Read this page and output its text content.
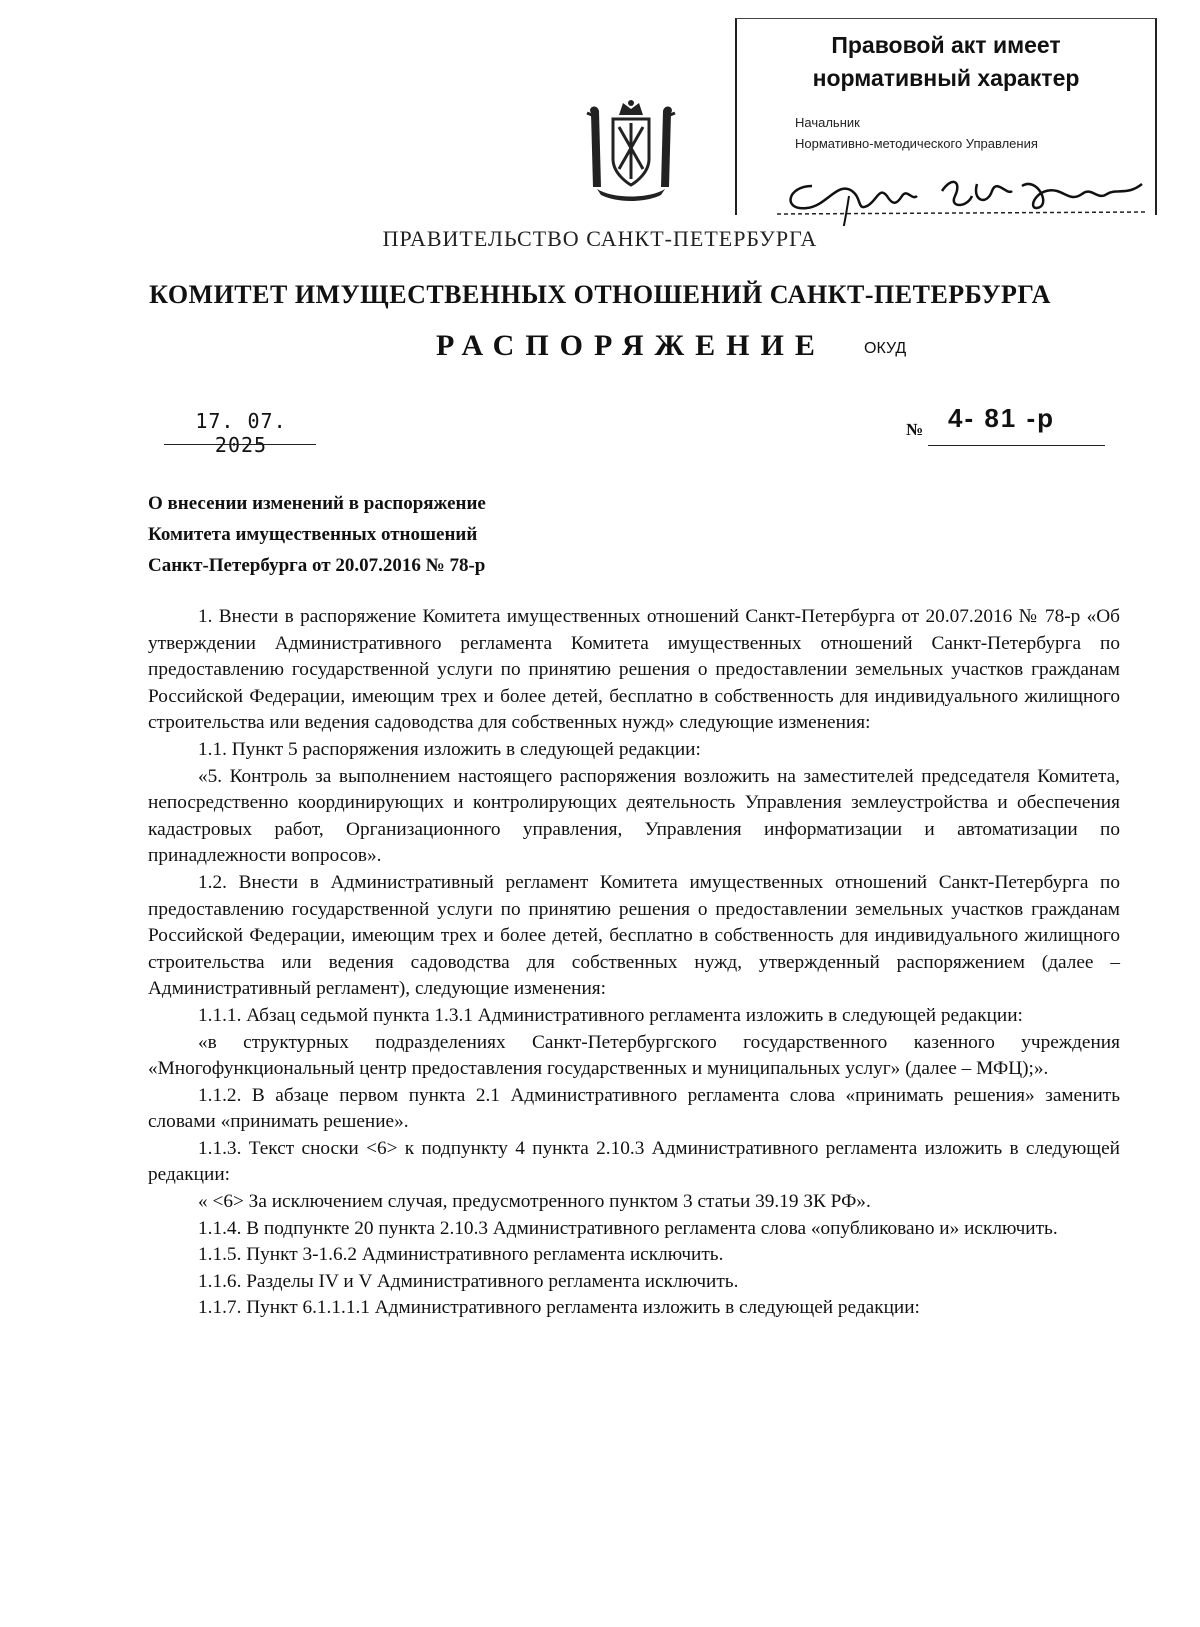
Правовой акт имеет
нормативный характер
Начальник
Нормативно-методического Управления
ПРАВИТЕЛЬСТВО САНКТ-ПЕТЕРБУРГА
КОМИТЕТ ИМУЩЕСТВЕННЫХ ОТНОШЕНИЙ САНКТ-ПЕТЕРБУРГА
РАСПОРЯЖЕНИЕ ОКУД
17. 07. 2025
№ 4- 81 -р
О внесении изменений в распоряжение
Комитета имущественных отношений
Санкт-Петербурга от 20.07.2016 № 78-р

1. Внести в распоряжение Комитета имущественных отношений Санкт-Петербурга от 20.07.2016 № 78-р «Об утверждении Административного регламента Комитета имущественных отношений Санкт-Петербурга по предоставлению государственной услуги по принятию решения о предоставлении земельных участков гражданам Российской Федерации, имеющим трех и более детей, бесплатно в собственность для индивидуального жилищного строительства или ведения садоводства для собственных нужд» следующие изменения:

1.1. Пункт 5 распоряжения изложить в следующей редакции:

«5. Контроль за выполнением настоящего распоряжения возложить на заместителей председателя Комитета, непосредственно координирующих и контролирующих деятельность Управления землеустройства и обеспечения кадастровых работ, Организационного управления, Управления информатизации и автоматизации по принадлежности вопросов».

1.2. Внести в Административный регламент Комитета имущественных отношений Санкт-Петербурга по предоставлению государственной услуги по принятию решения о предоставлении земельных участков гражданам Российской Федерации, имеющим трех и более детей, бесплатно в собственность для индивидуального жилищного строительства или ведения садоводства для собственных нужд, утвержденный распоряжением (далее – Административный регламент), следующие изменения:

1.1.1. Абзац седьмой пункта 1.3.1 Административного регламента изложить в следующей редакции:

«в структурных подразделениях Санкт-Петербургского государственного казенного учреждения «Многофункциональный центр предоставления государственных и муниципальных услуг» (далее – МФЦ);».

1.1.2. В абзаце первом пункта 2.1 Административного регламента слова «принимать решения» заменить словами «принимать решение».

1.1.3. Текст сноски <6> к подпункту 4 пункта 2.10.3 Административного регламента изложить в следующей редакции:

« <6> За исключением случая, предусмотренного пунктом 3 статьи 39.19 ЗК РФ».

1.1.4. В подпункте 20 пункта 2.10.3 Административного регламента слова «опубликовано и» исключить.

1.1.5. Пункт 3-1.6.2 Административного регламента исключить.

1.1.6. Разделы IV и V Административного регламента исключить.

1.1.7. Пункт 6.1.1.1.1 Административного регламента изложить в следующей редакции:
